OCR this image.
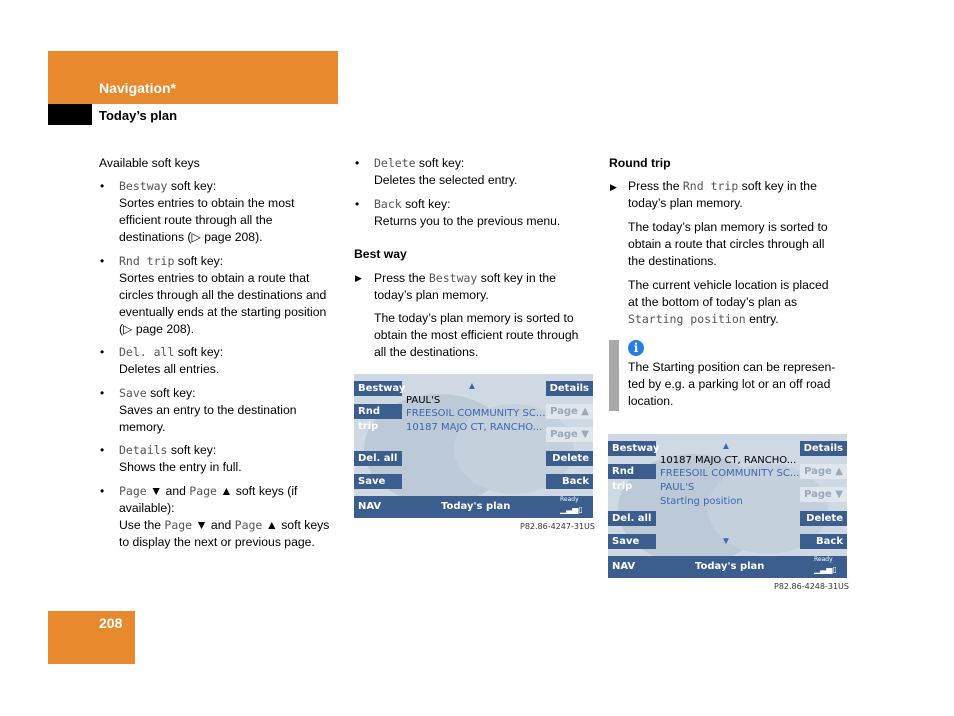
Navigation*
Today’s plan
208
Available soft keys
• Bestway soft key:
Sortes entries to obtain the most
efficient route through all the
destinations (▷ page 208).
• Rnd trip soft key:
Sortes entries to obtain a route that
circles through all the destinations and
eventually ends at the starting position
(▷ page 208).
• Del. all soft key:
Deletes all entries.
• Save soft key:
Saves an entry to the destination
memory.
• Details soft key:
Shows the entry in full.
• Page ▼ and Page ▲ soft keys (if
available):
Use the Page ▼ and Page ▲ soft keys
to display the next or previous page.
• Delete soft key:
Deletes the selected entry.
• Back soft key:
Returns you to the previous menu.
Best way
▶ Press the Bestway soft key in the
today’s plan memory.
The today’s plan memory is sorted to
obtain the most efficient route through
all the destinations.
Bestway
Rnd trip
Del. all
Save
Details
Page ▲
Page ▼
Delete
Back
▲
PAUL'S
FREESOIL COMMUNITY SC...
10187 MAJO CT, RANCHO...
NAV	Today's plan
Ready
▁▃▅▯
P82.86-4247-31US
Round trip
▶ Press the Rnd trip soft key in the
today’s plan memory.
The today’s plan memory is sorted to
obtain a route that circles through all
the destinations.
The current vehicle location is placed
at the bottom of today’s plan as
Starting position entry.
i
The Starting position can be represen-
ted by e.g. a parking lot or an off road
location.
Bestway
Rnd trip
Del. all
Save
Details
Page ▲
Page ▼
Delete
Back
▲
10187 MAJO CT, RANCHO...
FREESOIL COMMUNITY SC...
PAUL'S
Starting position
▼
NAV	Today's plan
Ready
▁▃▅▯
P82.86-4248-31US
